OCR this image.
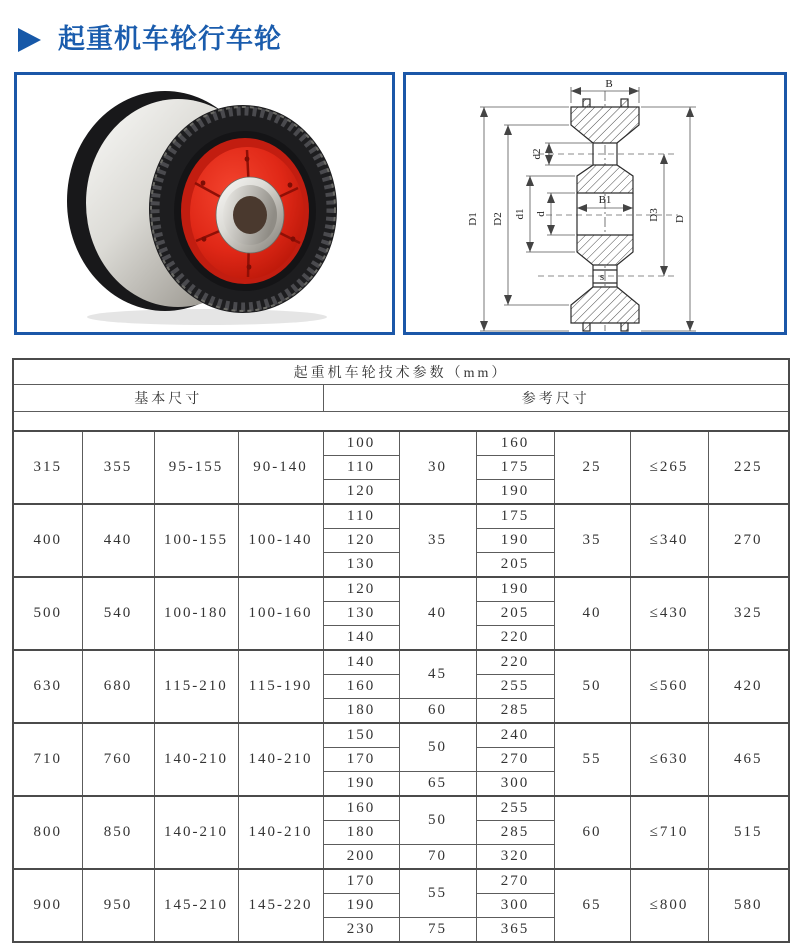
起重机车轮行车轮
B
D1 D2 d1 d
d2
B1
D3 D
s
起重机车轮技术参数（mm）									
基本尺寸				参考尺寸					

315	355	95-155	90-140	100	30	160	25	≤265	225
				110		175			
				120		190			
400	440	100-155	100-140	110	35	175	35	≤340	270
				120		190			
				130		205			
500	540	100-180	100-160	120	40	190	40	≤430	325
				130		205			
				140		220			
630	680	115-210	115-190	140	45	220	50	≤560	420
				160		255			
				180	60	285			
710	760	140-210	140-210	150	50	240	55	≤630	465
				170		270			
				190	65	300			
800	850	140-210	140-210	160	50	255	60	≤710	515
				180		285			
				200	70	320			
900	950	145-210	145-220	170	55	270	65	≤800	580
				190		300			
				230	75	365			
